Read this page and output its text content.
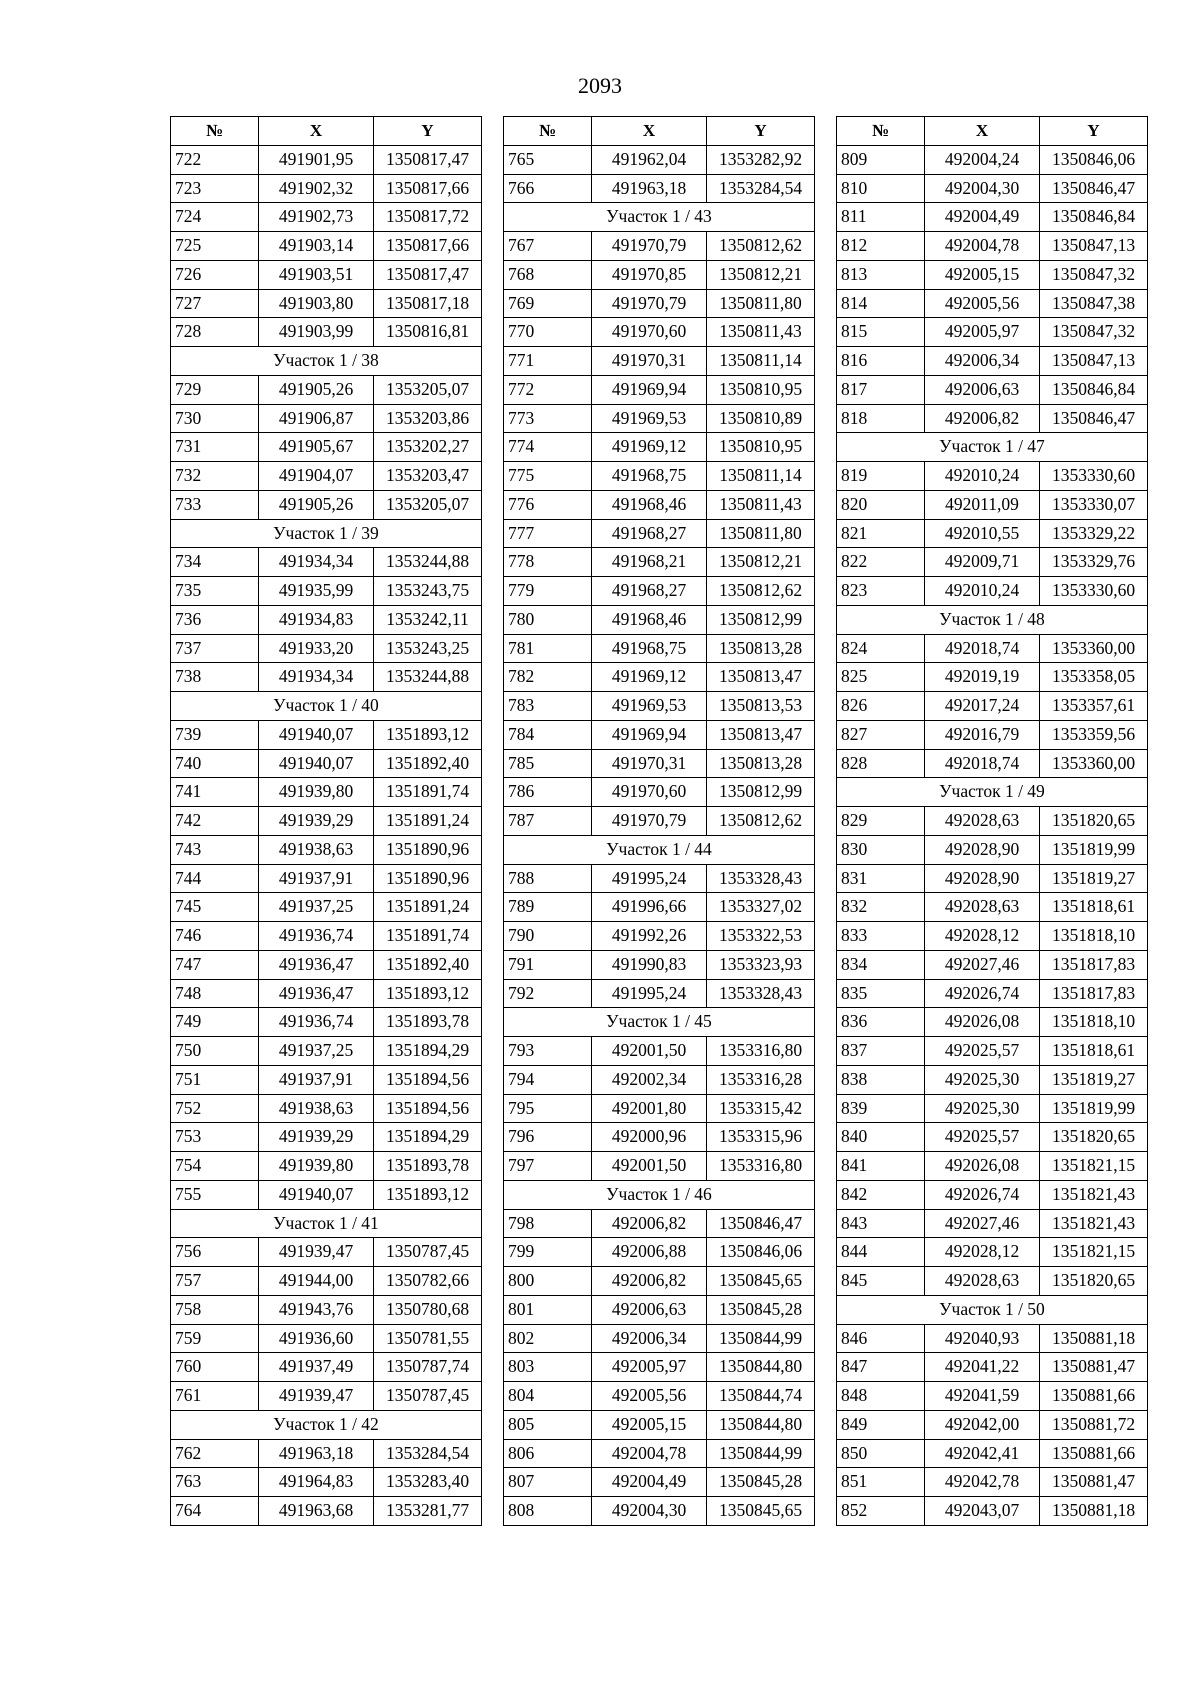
2093
№	X	Y
722	491901,95	1350817,47
723	491902,32	1350817,66
724	491902,73	1350817,72
725	491903,14	1350817,66
726	491903,51	1350817,47
727	491903,80	1350817,18
728	491903,99	1350816,81
Участок 1 / 38		
729	491905,26	1353205,07
730	491906,87	1353203,86
731	491905,67	1353202,27
732	491904,07	1353203,47
733	491905,26	1353205,07
Участок 1 / 39		
734	491934,34	1353244,88
735	491935,99	1353243,75
736	491934,83	1353242,11
737	491933,20	1353243,25
738	491934,34	1353244,88
Участок 1 / 40		
739	491940,07	1351893,12
740	491940,07	1351892,40
741	491939,80	1351891,74
742	491939,29	1351891,24
743	491938,63	1351890,96
744	491937,91	1351890,96
745	491937,25	1351891,24
746	491936,74	1351891,74
747	491936,47	1351892,40
748	491936,47	1351893,12
749	491936,74	1351893,78
750	491937,25	1351894,29
751	491937,91	1351894,56
752	491938,63	1351894,56
753	491939,29	1351894,29
754	491939,80	1351893,78
755	491940,07	1351893,12
Участок 1 / 41		
756	491939,47	1350787,45
757	491944,00	1350782,66
758	491943,76	1350780,68
759	491936,60	1350781,55
760	491937,49	1350787,74
761	491939,47	1350787,45
Участок 1 / 42		
762	491963,18	1353284,54
763	491964,83	1353283,40
764	491963,68	1353281,77
№	X	Y
765	491962,04	1353282,92
766	491963,18	1353284,54
Участок 1 / 43		
767	491970,79	1350812,62
768	491970,85	1350812,21
769	491970,79	1350811,80
770	491970,60	1350811,43
771	491970,31	1350811,14
772	491969,94	1350810,95
773	491969,53	1350810,89
774	491969,12	1350810,95
775	491968,75	1350811,14
776	491968,46	1350811,43
777	491968,27	1350811,80
778	491968,21	1350812,21
779	491968,27	1350812,62
780	491968,46	1350812,99
781	491968,75	1350813,28
782	491969,12	1350813,47
783	491969,53	1350813,53
784	491969,94	1350813,47
785	491970,31	1350813,28
786	491970,60	1350812,99
787	491970,79	1350812,62
Участок 1 / 44		
788	491995,24	1353328,43
789	491996,66	1353327,02
790	491992,26	1353322,53
791	491990,83	1353323,93
792	491995,24	1353328,43
Участок 1 / 45		
793	492001,50	1353316,80
794	492002,34	1353316,28
795	492001,80	1353315,42
796	492000,96	1353315,96
797	492001,50	1353316,80
Участок 1 / 46		
798	492006,82	1350846,47
799	492006,88	1350846,06
800	492006,82	1350845,65
801	492006,63	1350845,28
802	492006,34	1350844,99
803	492005,97	1350844,80
804	492005,56	1350844,74
805	492005,15	1350844,80
806	492004,78	1350844,99
807	492004,49	1350845,28
808	492004,30	1350845,65
№	X	Y
809	492004,24	1350846,06
810	492004,30	1350846,47
811	492004,49	1350846,84
812	492004,78	1350847,13
813	492005,15	1350847,32
814	492005,56	1350847,38
815	492005,97	1350847,32
816	492006,34	1350847,13
817	492006,63	1350846,84
818	492006,82	1350846,47
Участок 1 / 47		
819	492010,24	1353330,60
820	492011,09	1353330,07
821	492010,55	1353329,22
822	492009,71	1353329,76
823	492010,24	1353330,60
Участок 1 / 48		
824	492018,74	1353360,00
825	492019,19	1353358,05
826	492017,24	1353357,61
827	492016,79	1353359,56
828	492018,74	1353360,00
Участок 1 / 49		
829	492028,63	1351820,65
830	492028,90	1351819,99
831	492028,90	1351819,27
832	492028,63	1351818,61
833	492028,12	1351818,10
834	492027,46	1351817,83
835	492026,74	1351817,83
836	492026,08	1351818,10
837	492025,57	1351818,61
838	492025,30	1351819,27
839	492025,30	1351819,99
840	492025,57	1351820,65
841	492026,08	1351821,15
842	492026,74	1351821,43
843	492027,46	1351821,43
844	492028,12	1351821,15
845	492028,63	1351820,65
Участок 1 / 50		
846	492040,93	1350881,18
847	492041,22	1350881,47
848	492041,59	1350881,66
849	492042,00	1350881,72
850	492042,41	1350881,66
851	492042,78	1350881,47
852	492043,07	1350881,18
